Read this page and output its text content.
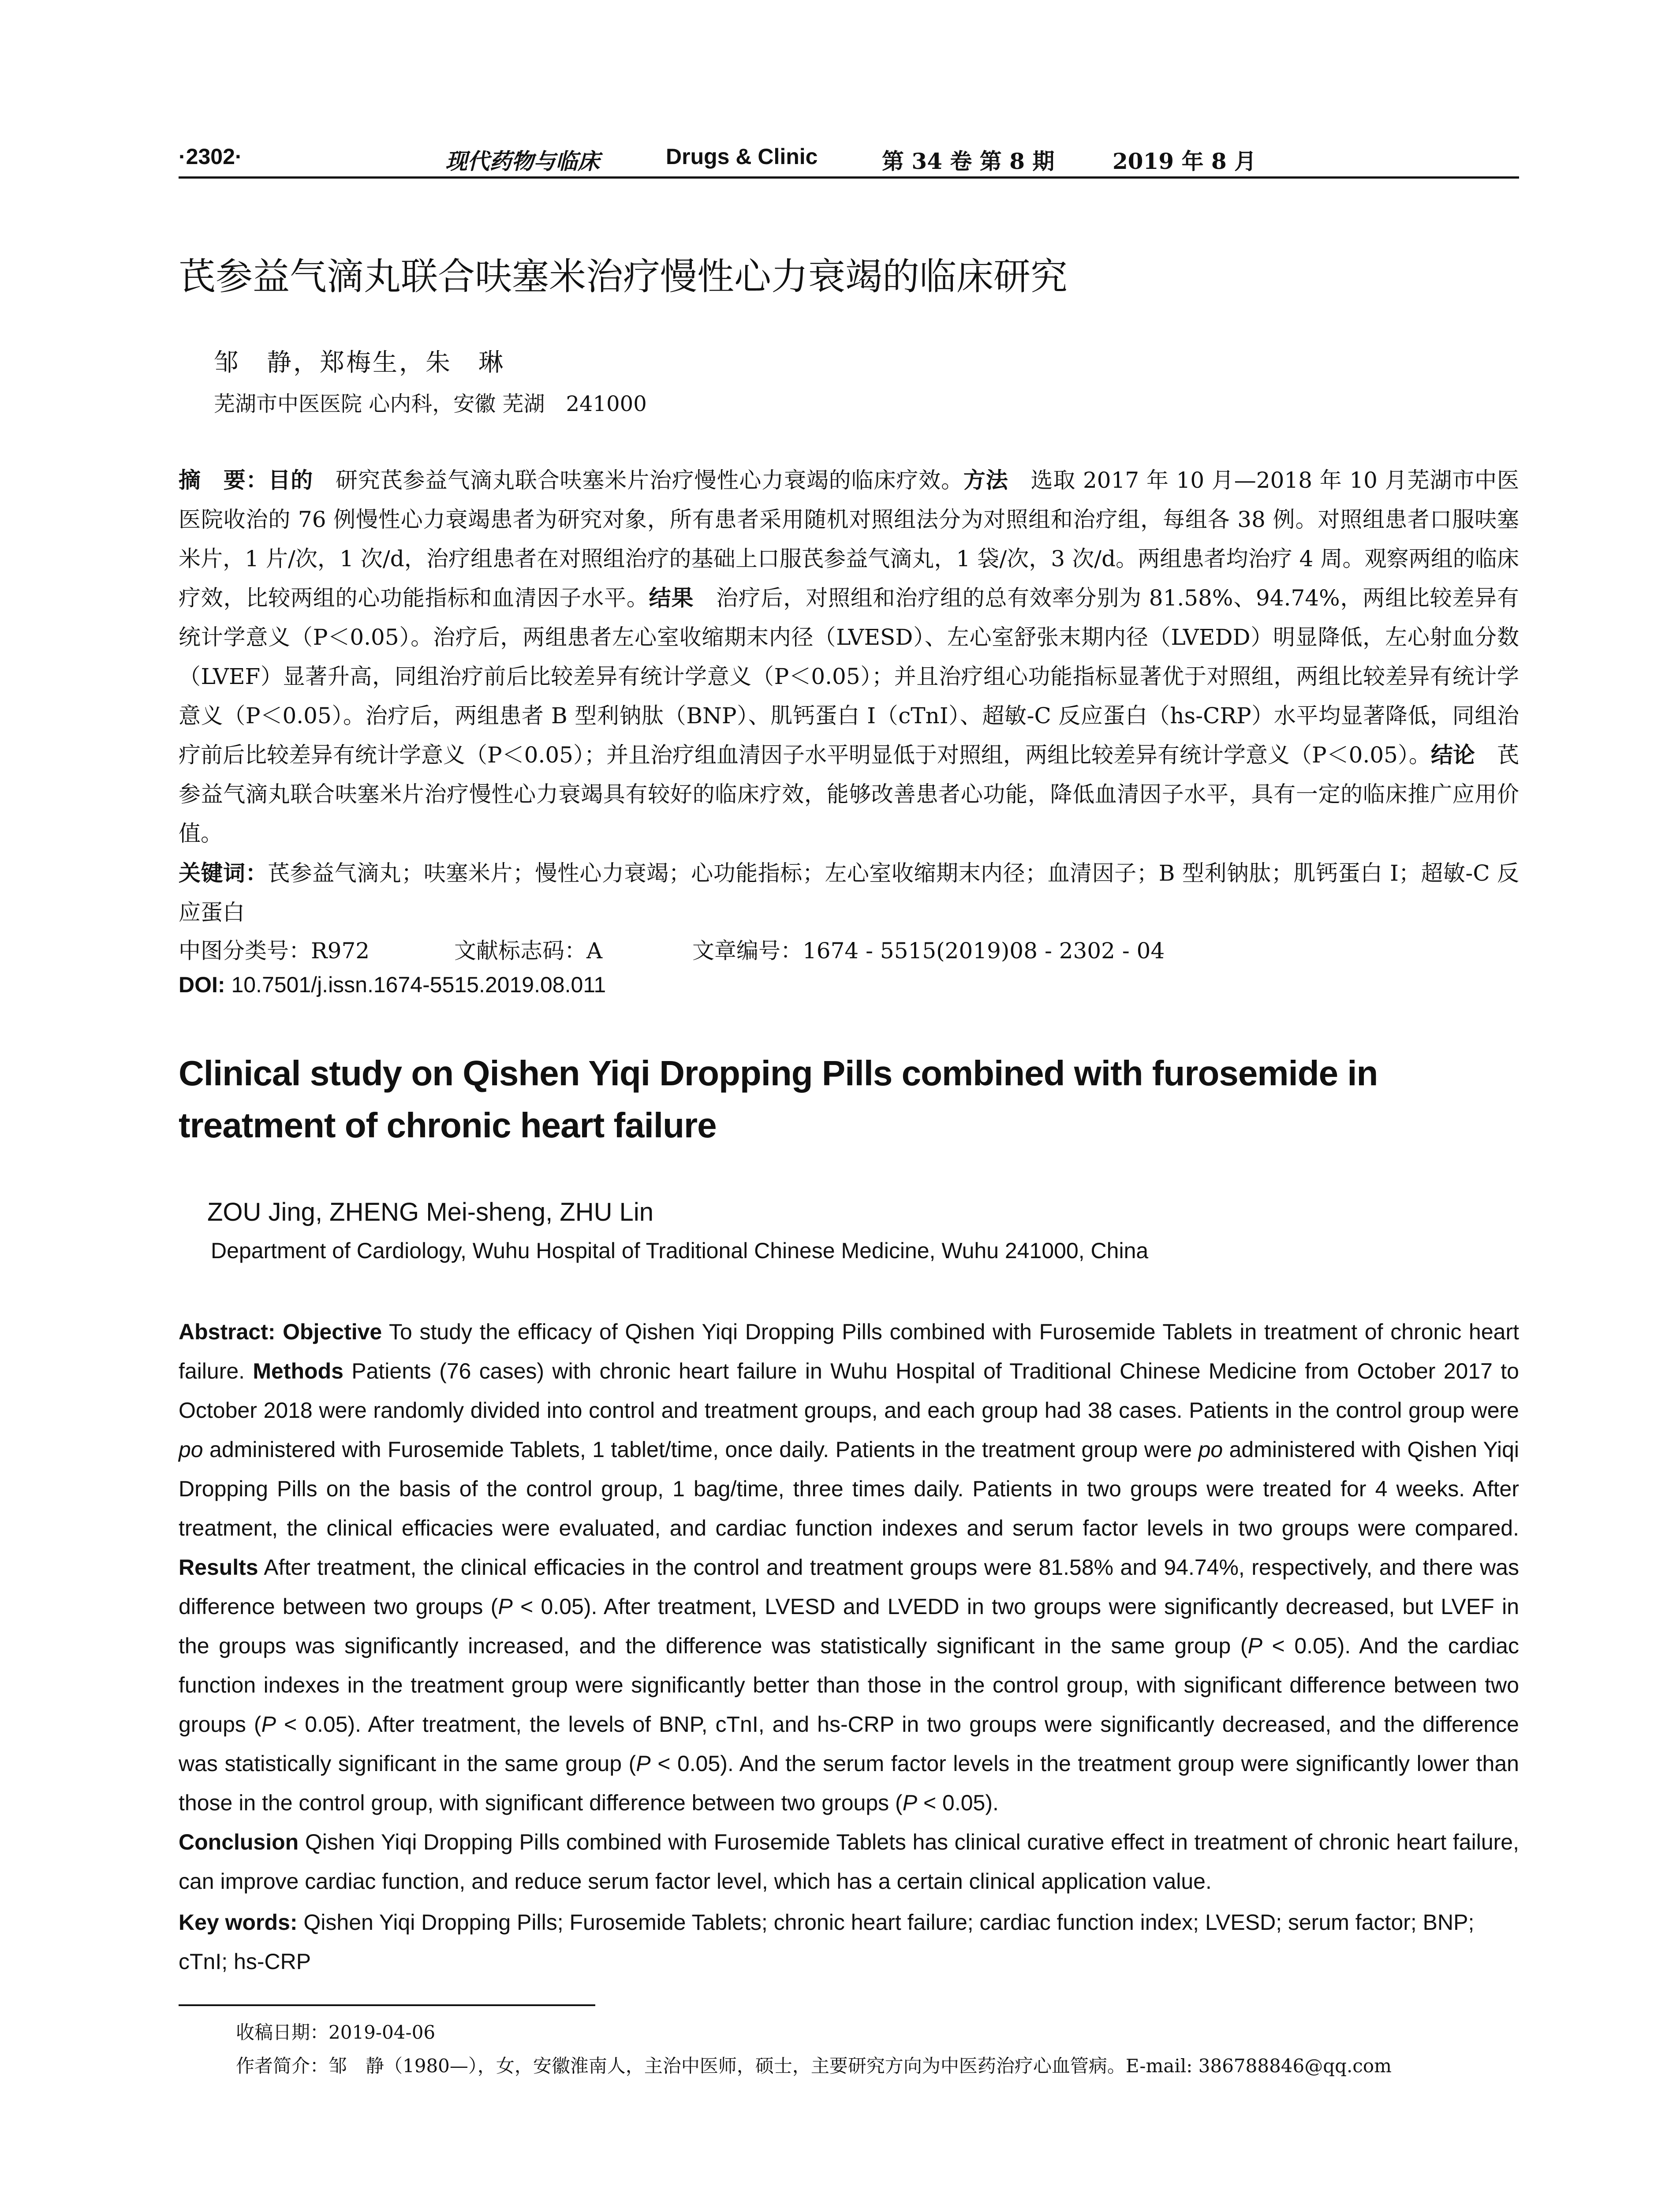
·2302·	现代药物与临床	Drugs & Clinic	第 34 卷 第 8 期	2019 年 8 月
芪参益气滴丸联合呋塞米治疗慢性心力衰竭的临床研究
邹　静，郑梅生，朱　琳
芜湖市中医医院 心内科，安徽 芜湖　241000

摘　要：目的　研究芪参益气滴丸联合呋塞米片治疗慢性心力衰竭的临床疗效。方法　选取 2017 年 10 月—2018 年 10 月芜湖市中医医院收治的 76 例慢性心力衰竭患者为研究对象，所有患者采用随机对照组法分为对照组和治疗组，每组各 38 例。对照组患者口服呋塞米片，1 片/次，1 次/d，治疗组患者在对照组治疗的基础上口服芪参益气滴丸，1 袋/次，3 次/d。两组患者均治疗 4 周。观察两组的临床疗效，比较两组的心功能指标和血清因子水平。结果　治疗后，对照组和治疗组的总有效率分别为 81.58%、94.74%，两组比较差异有统计学意义（P＜0.05）。治疗后，两组患者左心室收缩期末内径（LVESD）、左心室舒张末期内径（LVEDD）明显降低，左心射血分数（LVEF）显著升高，同组治疗前后比较差异有统计学意义（P＜0.05）；并且治疗组心功能指标显著优于对照组，两组比较差异有统计学意义（P＜0.05）。治疗后，两组患者 B 型利钠肽（BNP）、肌钙蛋白 I（cTnI）、超敏-C 反应蛋白（hs-CRP）水平均显著降低，同组治疗前后比较差异有统计学意义（P＜0.05）；并且治疗组血清因子水平明显低于对照组，两组比较差异有统计学意义（P＜0.05）。结论　芪参益气滴丸联合呋塞米片治疗慢性心力衰竭具有较好的临床疗效，能够改善患者心功能，降低血清因子水平，具有一定的临床推广应用价值。

关键词：芪参益气滴丸；呋塞米片；慢性心力衰竭；心功能指标；左心室收缩期末内径；血清因子；B 型利钠肽；肌钙蛋白 I；超敏-C 反应蛋白

中图分类号：R972	文献标志码：A	文章编号：1674 - 5515(2019)08 - 2302 - 04
DOI: 10.7501/j.issn.1674-5515.2019.08.011
Clinical study on Qishen Yiqi Dropping Pills combined with furosemide in treatment of chronic heart failure
ZOU Jing, ZHENG Mei-sheng, ZHU Lin
Department of Cardiology, Wuhu Hospital of Traditional Chinese Medicine, Wuhu 241000, China

Abstract: Objective To study the efficacy of Qishen Yiqi Dropping Pills combined with Furosemide Tablets in treatment of chronic heart failure. Methods Patients (76 cases) with chronic heart failure in Wuhu Hospital of Traditional Chinese Medicine from October 2017 to October 2018 were randomly divided into control and treatment groups, and each group had 38 cases. Patients in the control group were po administered with Furosemide Tablets, 1 tablet/time, once daily. Patients in the treatment group were po administered with Qishen Yiqi Dropping Pills on the basis of the control group, 1 bag/time, three times daily. Patients in two groups were treated for 4 weeks. After treatment, the clinical efficacies were evaluated, and cardiac function indexes and serum factor levels in two groups were compared. Results After treatment, the clinical efficacies in the control and treatment groups were 81.58% and 94.74%, respectively, and there was difference between two groups (P < 0.05). After treatment, LVESD and LVEDD in two groups were significantly decreased, but LVEF in the groups was significantly increased, and the difference was statistically significant in the same group (P < 0.05). And the cardiac function indexes in the treatment group were significantly better than those in the control group, with significant difference between two groups (P < 0.05). After treatment, the levels of BNP, cTnI, and hs-CRP in two groups were significantly decreased, and the difference was statistically significant in the same group (P < 0.05). And the serum factor levels in the treatment group were significantly lower than those in the control group, with significant difference between two groups (P < 0.05).
Conclusion Qishen Yiqi Dropping Pills combined with Furosemide Tablets has clinical curative effect in treatment of chronic heart failure, can improve cardiac function, and reduce serum factor level, which has a certain clinical application value.

Key words: Qishen Yiqi Dropping Pills; Furosemide Tablets; chronic heart failure; cardiac function index; LVESD; serum factor; BNP; cTnI; hs-CRP

收稿日期：2019-04-06
作者简介：邹　静（1980—），女，安徽淮南人，主治中医师，硕士，主要研究方向为中医药治疗心血管病。E-mail: 386788846@qq.com
